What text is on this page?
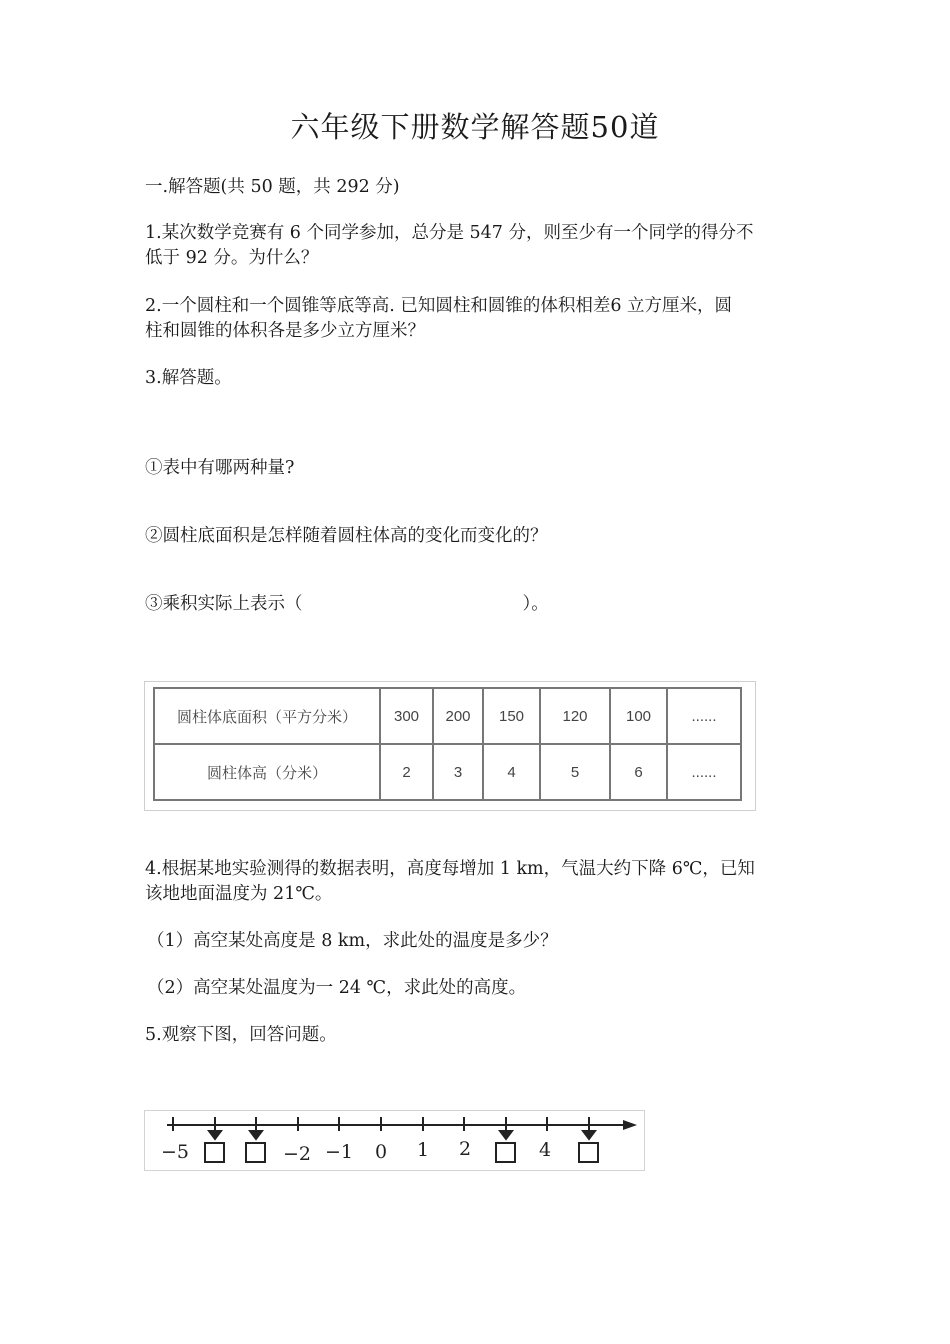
六年级下册数学解答题50道
一.解答题(共 50 题，共 292 分)
1.某次数学竞赛有 6 个同学参加，总分是 547 分，则至少有一个同学的得分不
低于 92 分。为什么？
2.一个圆柱和一个圆锥等底等高. 已知圆柱和圆锥的体积相差6 立方厘米，圆
柱和圆锥的体积各是多少立方厘米？
3.解答题。
①表中有哪两种量?
②圆柱底面积是怎样随着圆柱体高的变化而变化的？
③乘积实际上表示（	）。
圆柱体底面积（平方分米）	300	200	150	120	100	......
圆柱体高（分米）	2	3	4	5	6	......
4.根据某地实验测得的数据表明，高度每增加 1 km，气温大约下降 6℃，已知
该地地面温度为 21℃。
（1）高空某处高度是 8 km，求此处的温度是多少？
（2）高空某处温度为一 24 ℃，求此处的高度。
5.观察下图，回答问题。
−5	−2 −1 0 1 2	4
